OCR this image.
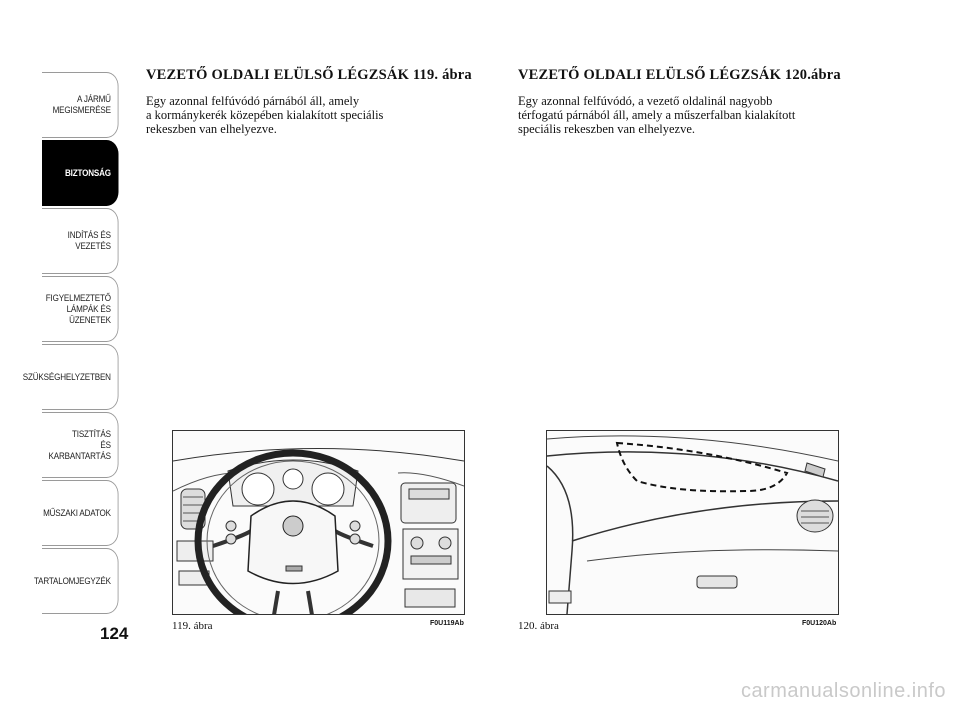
A JÁRMŰ
MEGISMERÉSE
BIZTONSÁG
INDÍTÁS ÉS VEZETÉS
FIGYELMEZTETŐ
LÁMPÁK ÉS
ÜZENETEK
SZÜKSÉGHELYZETBEN
TISZTÍTÁS
ÉS KARBANTARTÁS
MŰSZAKI ADATOK
TARTALOMJEGYZÉK
124
VEZETŐ OLDALI ELÜLSŐ LÉGZSÁK 119. ábra
Egy azonnal felfúvódó párnából áll, amely
a kormánykerék közepében kialakított speciális
rekeszben van elhelyezve.
VEZETŐ OLDALI ELÜLSŐ LÉGZSÁK 120.ábra
Egy azonnal felfúvódó, a vezető oldalinál nagyobb
térfogatú párnából áll, amely a műszerfalban kialakított
speciális rekeszben van elhelyezve.
119. ábra	F0U119Ab	120. ábra	F0U120Ab
carmanualsonline.info
